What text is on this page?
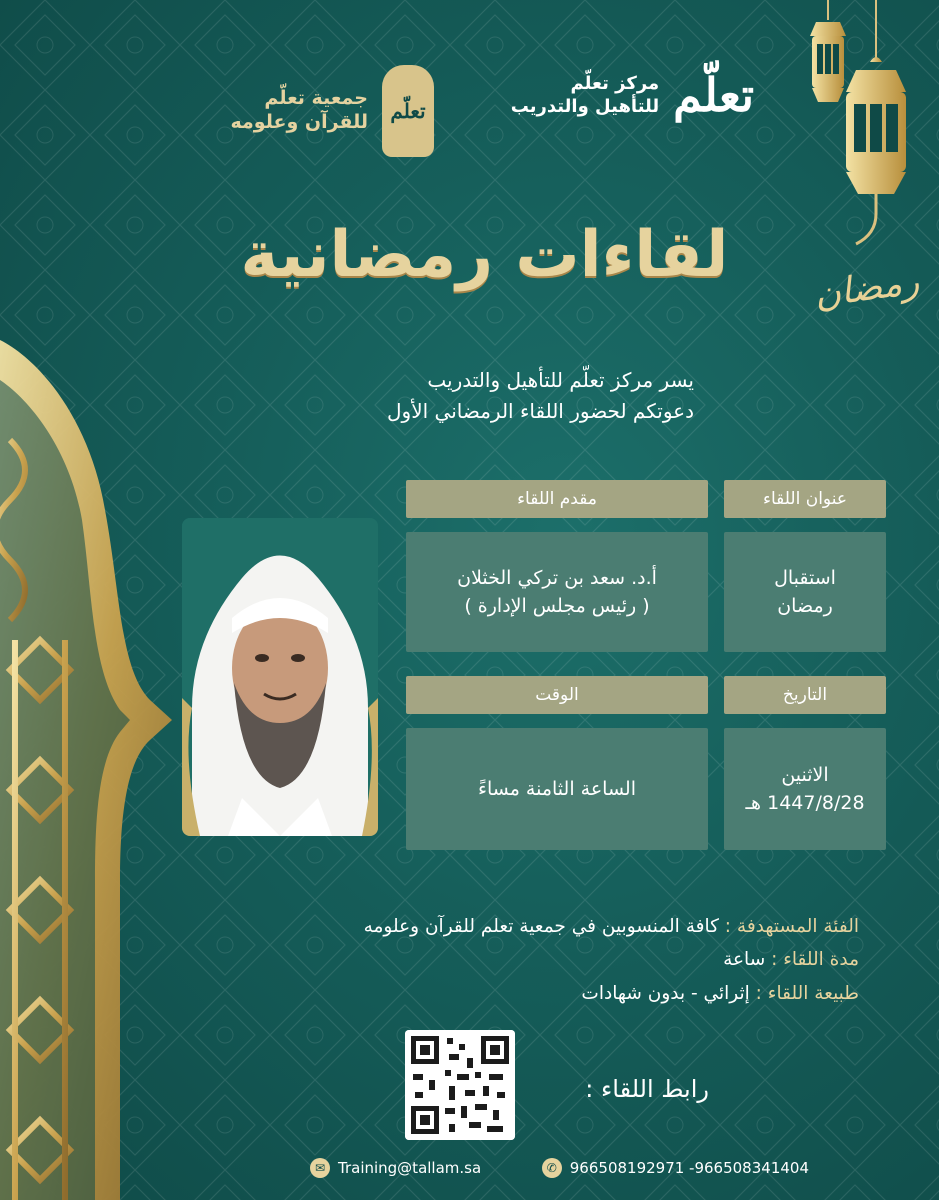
رمضان
تعلّم
جمعية تعلّم
للقرآن وعلومه	تعلّم
مركز تعلّم
للتأهيل والتدريب
لقاءات رمضانية
يسر مركز تعلّم للتأهيل والتدريب
دعوتكم لحضور اللقاء الرمضاني الأول
عنوان اللقاء
مقدم اللقاء
استقبال
رمضان
أ.د. سعد بن تركي الخثلان
( رئيس مجلس الإدارة )
التاريخ
الوقت
الاثنين
1447/8/28 هـ
الساعة الثامنة مساءً
الفئة المستهدفة : كافة المنسوبين في جمعية تعلم للقرآن وعلومه
مدة اللقاء : ساعة
طبيعة اللقاء : إثرائي - بدون شهادات
رابط اللقاء :
✉ Training@tallam.sa	✆ 966508192971 -966508341404
